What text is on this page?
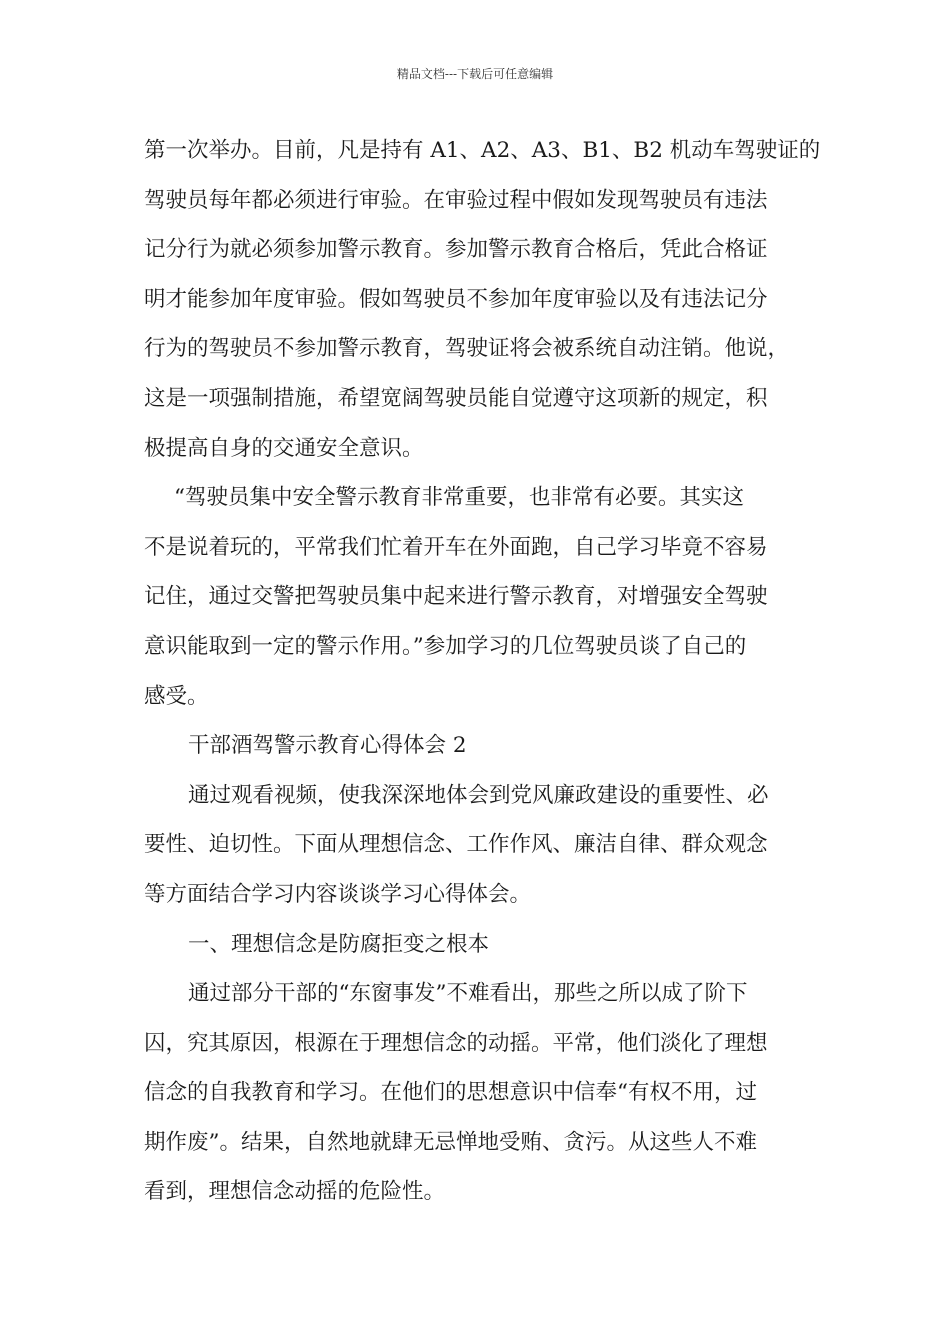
精品文档---下载后可任意编辑
第一次举办。目前，凡是持有 A1、A2、A3、B1、B2 机动车驾驶证的
驾驶员每年都必须进行审验。在审验过程中假如发现驾驶员有违法
记分行为就必须参加警示教育。参加警示教育合格后，凭此合格证
明才能参加年度审验。假如驾驶员不参加年度审验以及有违法记分
行为的驾驶员不参加警示教育，驾驶证将会被系统自动注销。他说，
这是一项强制措施，希望宽阔驾驶员能自觉遵守这项新的规定，积
极提高自身的交通安全意识。
“驾驶员集中安全警示教育非常重要，也非常有必要。其实这
不是说着玩的，平常我们忙着开车在外面跑，自己学习毕竟不容易
记住，通过交警把驾驶员集中起来进行警示教育，对增强安全驾驶
意识能取到一定的警示作用。”参加学习的几位驾驶员谈了自己的
感受。
干部酒驾警示教育心得体会 2
通过观看视频，使我深深地体会到党风廉政建设的重要性、必
要性、迫切性。下面从理想信念、工作作风、廉洁自律、群众观念
等方面结合学习内容谈谈学习心得体会。
一、理想信念是防腐拒变之根本
通过部分干部的“东窗事发”不难看出，那些之所以成了阶下
囚，究其原因，根源在于理想信念的动摇。平常，他们淡化了理想
信念的自我教育和学习。在他们的思想意识中信奉“有权不用，过
期作废”。结果，自然地就肆无忌惮地受贿、贪污。从这些人不难
看到，理想信念动摇的危险性。
